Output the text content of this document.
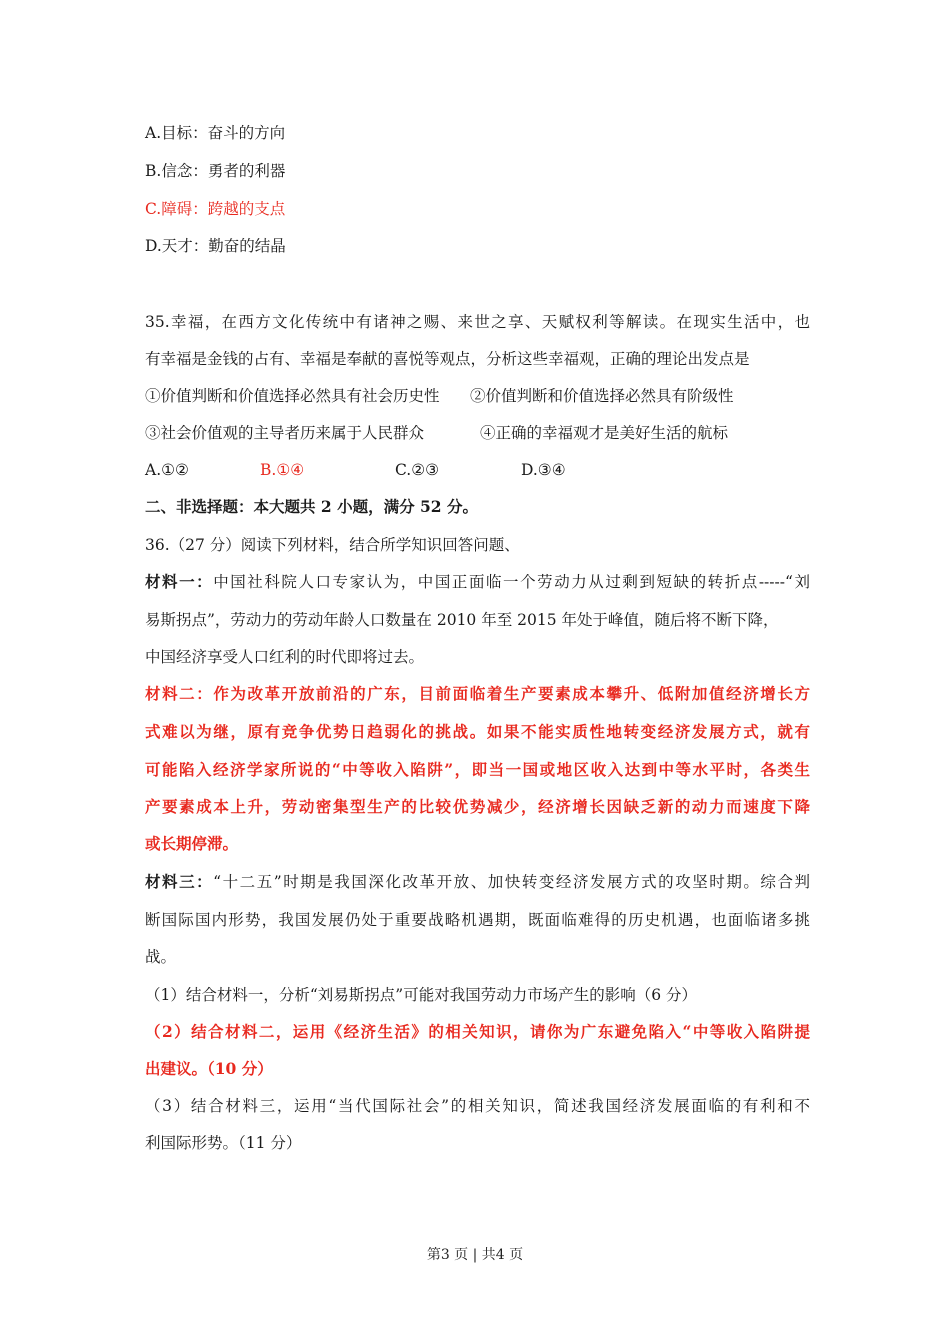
A.目标：奋斗的方向
B.信念：勇者的利器
C.障碍：跨越的支点
D.天才：勤奋的结晶
35.幸福，在西方文化传统中有诸神之赐、来世之享、天赋权利等解读。在现实生活中，也
有幸福是金钱的占有、幸福是奉献的喜悦等观点，分析这些幸福观，正确的理论出发点是
①价值判断和价值选择必然具有社会历史性 ②价值判断和价值选择必然具有阶级性
③社会价值观的主导者历来属于人民群众	④正确的幸福观才是美好生活的航标
A.①②	B.①④	C.②③	D.③④
二、非选择题：本大题共 2 小题，满分 52 分。
36.（27 分）阅读下列材料，结合所学知识回答问题、
材料一：中国社科院人口专家认为，中国正面临一个劳动力从过剩到短缺的转折点-----“刘
易斯拐点”，劳动力的劳动年龄人口数量在 2010 年至 2015 年处于峰值，随后将不断下降，
中国经济享受人口红利的时代即将过去。
材料二：作为改革开放前沿的广东，目前面临着生产要素成本攀升、低附加值经济增长方
式难以为继，原有竞争优势日趋弱化的挑战。如果不能实质性地转变经济发展方式，就有
可能陷入经济学家所说的“中等收入陷阱”，即当一国或地区收入达到中等水平时，各类生
产要素成本上升，劳动密集型生产的比较优势减少，经济增长因缺乏新的动力而速度下降
或长期停滞。
材料三：“十二五”时期是我国深化改革开放、加快转变经济发展方式的攻坚时期。综合判
断国际国内形势，我国发展仍处于重要战略机遇期，既面临难得的历史机遇，也面临诸多挑
战。
（1）结合材料一，分析“刘易斯拐点”可能对我国劳动力市场产生的影响（6 分）
（2）结合材料二，运用《经济生活》的相关知识，请你为广东避免陷入“中等收入陷阱提
出建议。（10 分）
（3）结合材料三，运用“当代国际社会”的相关知识，简述我国经济发展面临的有利和不
利国际形势。（11 分）
第3 页 | 共4 页
